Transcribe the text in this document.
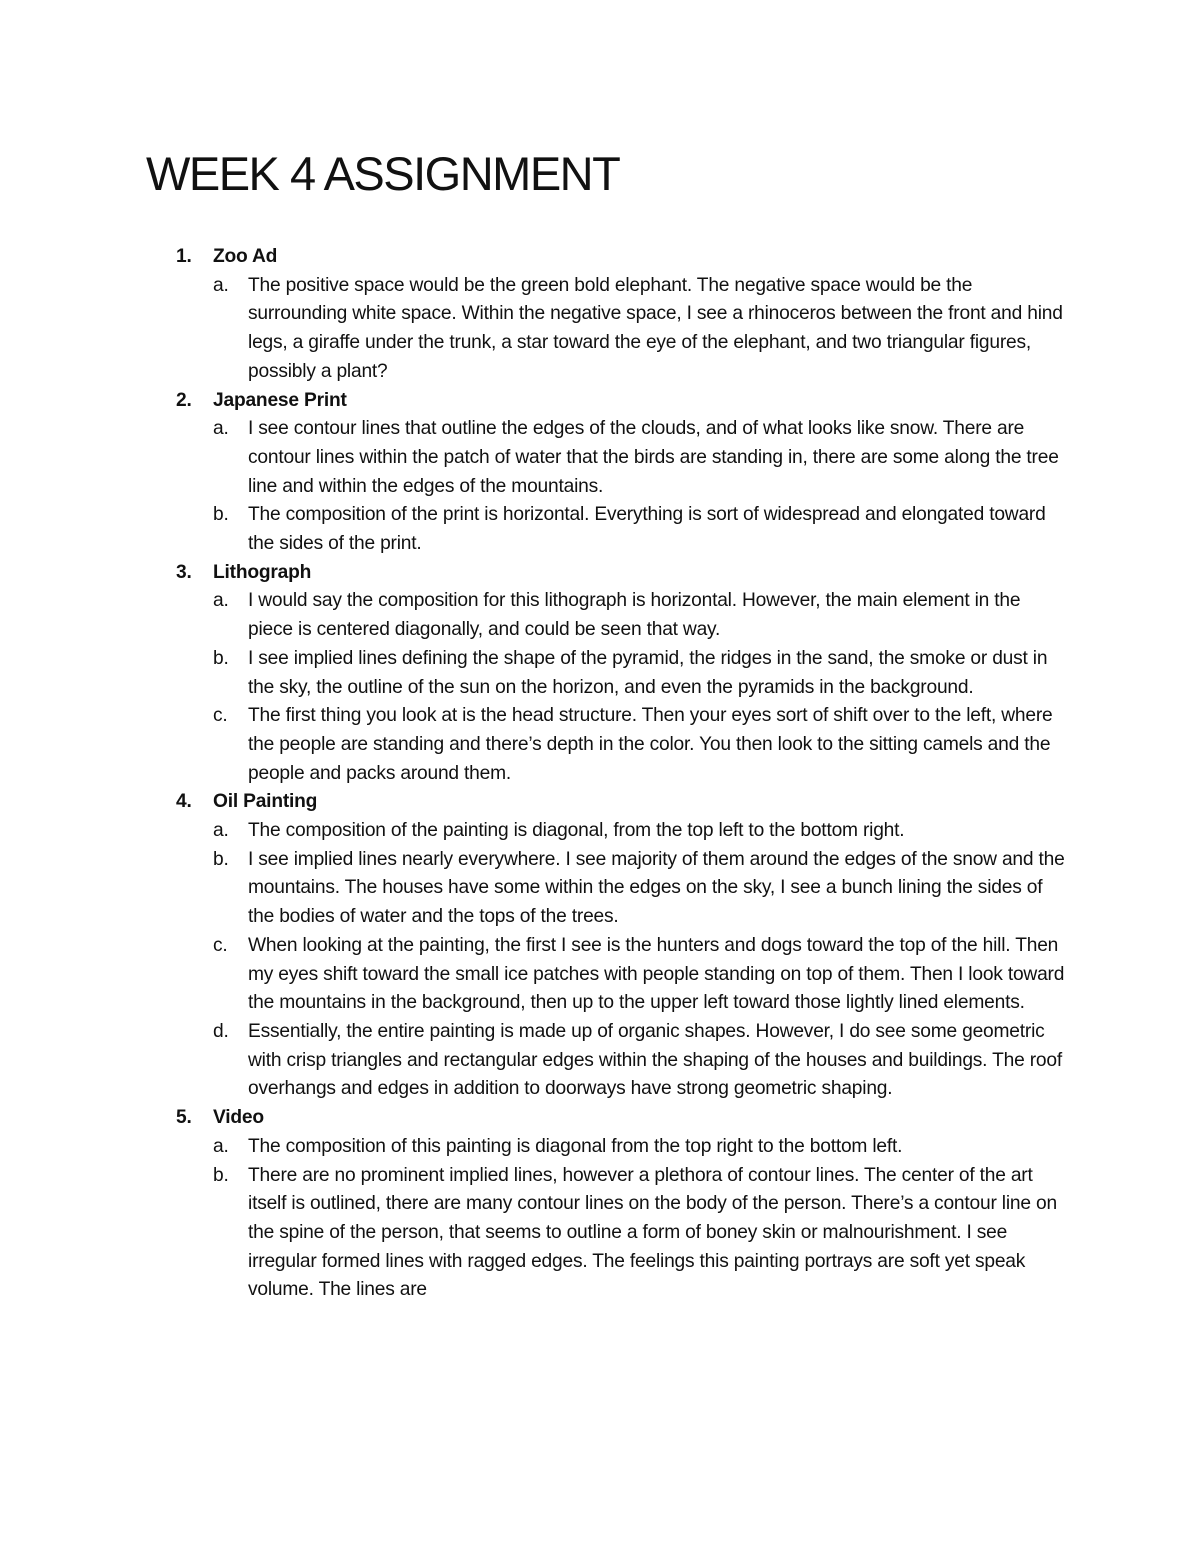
WEEK 4 ASSIGNMENT
1. Zoo Ad
a. The positive space would be the green bold elephant. The negative space would be the surrounding white space. Within the negative space, I see a rhinoceros between the front and hind legs, a giraffe under the trunk, a star toward the eye of the elephant, and two triangular figures, possibly a plant?
2. Japanese Print
a. I see contour lines that outline the edges of the clouds, and of what looks like snow. There are contour lines within the patch of water that the birds are standing in, there are some along the tree line and within the edges of the mountains.
b. The composition of the print is horizontal. Everything is sort of widespread and elongated toward the sides of the print.
3. Lithograph
a. I would say the composition for this lithograph is horizontal. However, the main element in the piece is centered diagonally, and could be seen that way.
b. I see implied lines defining the shape of the pyramid, the ridges in the sand, the smoke or dust in the sky, the outline of the sun on the horizon, and even the pyramids in the background.
c. The first thing you look at is the head structure. Then your eyes sort of shift over to the left, where the people are standing and there’s depth in the color. You then look to the sitting camels and the people and packs around them.
4. Oil Painting
a. The composition of the painting is diagonal, from the top left to the bottom right.
b. I see implied lines nearly everywhere. I see majority of them around the edges of the snow and the mountains. The houses have some within the edges on the sky, I see a bunch lining the sides of the bodies of water and the tops of the trees.
c. When looking at the painting, the first I see is the hunters and dogs toward the top of the hill. Then my eyes shift toward the small ice patches with people standing on top of them. Then I look toward the mountains in the background, then up to the upper left toward those lightly lined elements.
d. Essentially, the entire painting is made up of organic shapes. However, I do see some geometric with crisp triangles and rectangular edges within the shaping of the houses and buildings. The roof overhangs and edges in addition to doorways have strong geometric shaping.
5. Video
a. The composition of this painting is diagonal from the top right to the bottom left.
b. There are no prominent implied lines, however a plethora of contour lines. The center of the art itself is outlined, there are many contour lines on the body of the person. There’s a contour line on the spine of the person, that seems to outline a form of boney skin or malnourishment. I see irregular formed lines with ragged edges. The feelings this painting portrays are soft yet speak volume. The lines are
